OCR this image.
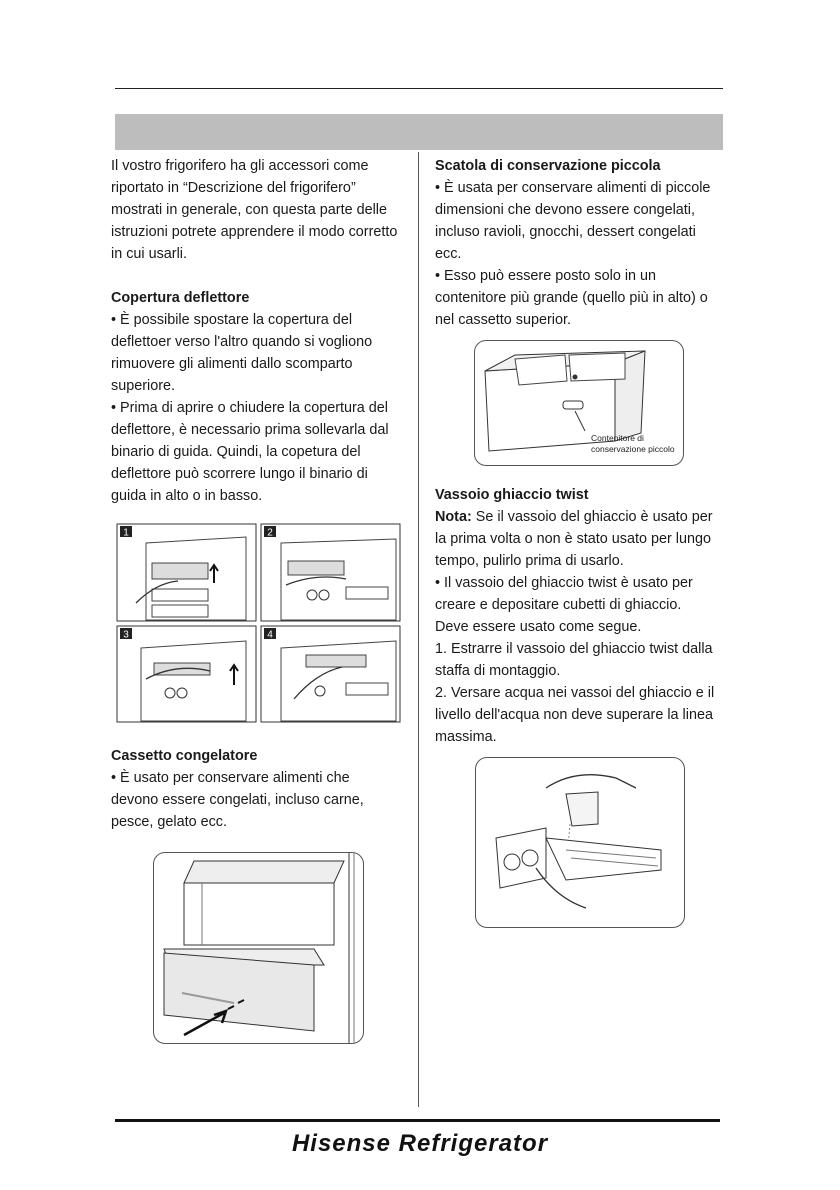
Il vostro frigorifero ha gli accessori come

riportato in “Descrizione del frigorifero”

mostrati in generale, con questa parte delle

istruzioni potrete apprendere il modo corretto

in cui usarli.

Copertura deflettore

• È possibile spostare la copertura del

deflettoer verso l'altro quando si vogliono

rimuovere gli alimenti dallo scomparto

superiore.

• Prima di aprire o chiudere la copertura del

deflettore, è necessario prima sollevarla dal

binario di guida. Quindi, la copetura del

deflettore può scorrere lungo il binario di

guida in alto o in basso.

1	2
3	4

Cassetto congelatore

• È usato per conservare alimenti che

devono essere congelati, incluso carne,

pesce, gelato ecc.

Scatola di conservazione piccola

• È usata per conservare alimenti di piccole

dimensioni che devono essere congelati,

incluso ravioli, gnocchi, dessert congelati

ecc.

• Esso può essere posto solo in un

contenitore più grande (quello più in alto) o

nel cassetto superior.

Contenitore di
conservazione piccolo

Vassoio ghiaccio twist

Nota: Se il vassoio del ghiaccio è usato per

la prima volta o non è stato usato per lungo

tempo, pulirlo prima di usarlo.

• Il vassoio del ghiaccio twist è usato per

creare e depositare cubetti di ghiaccio.

Deve essere usato come segue.

1. Estrarre il vassoio del ghiaccio twist dalla

staffa di montaggio.

2. Versare acqua nei vassoi del ghiaccio e il

livello dell'acqua non deve superare la linea

massima.

Hisense Refrigerator
